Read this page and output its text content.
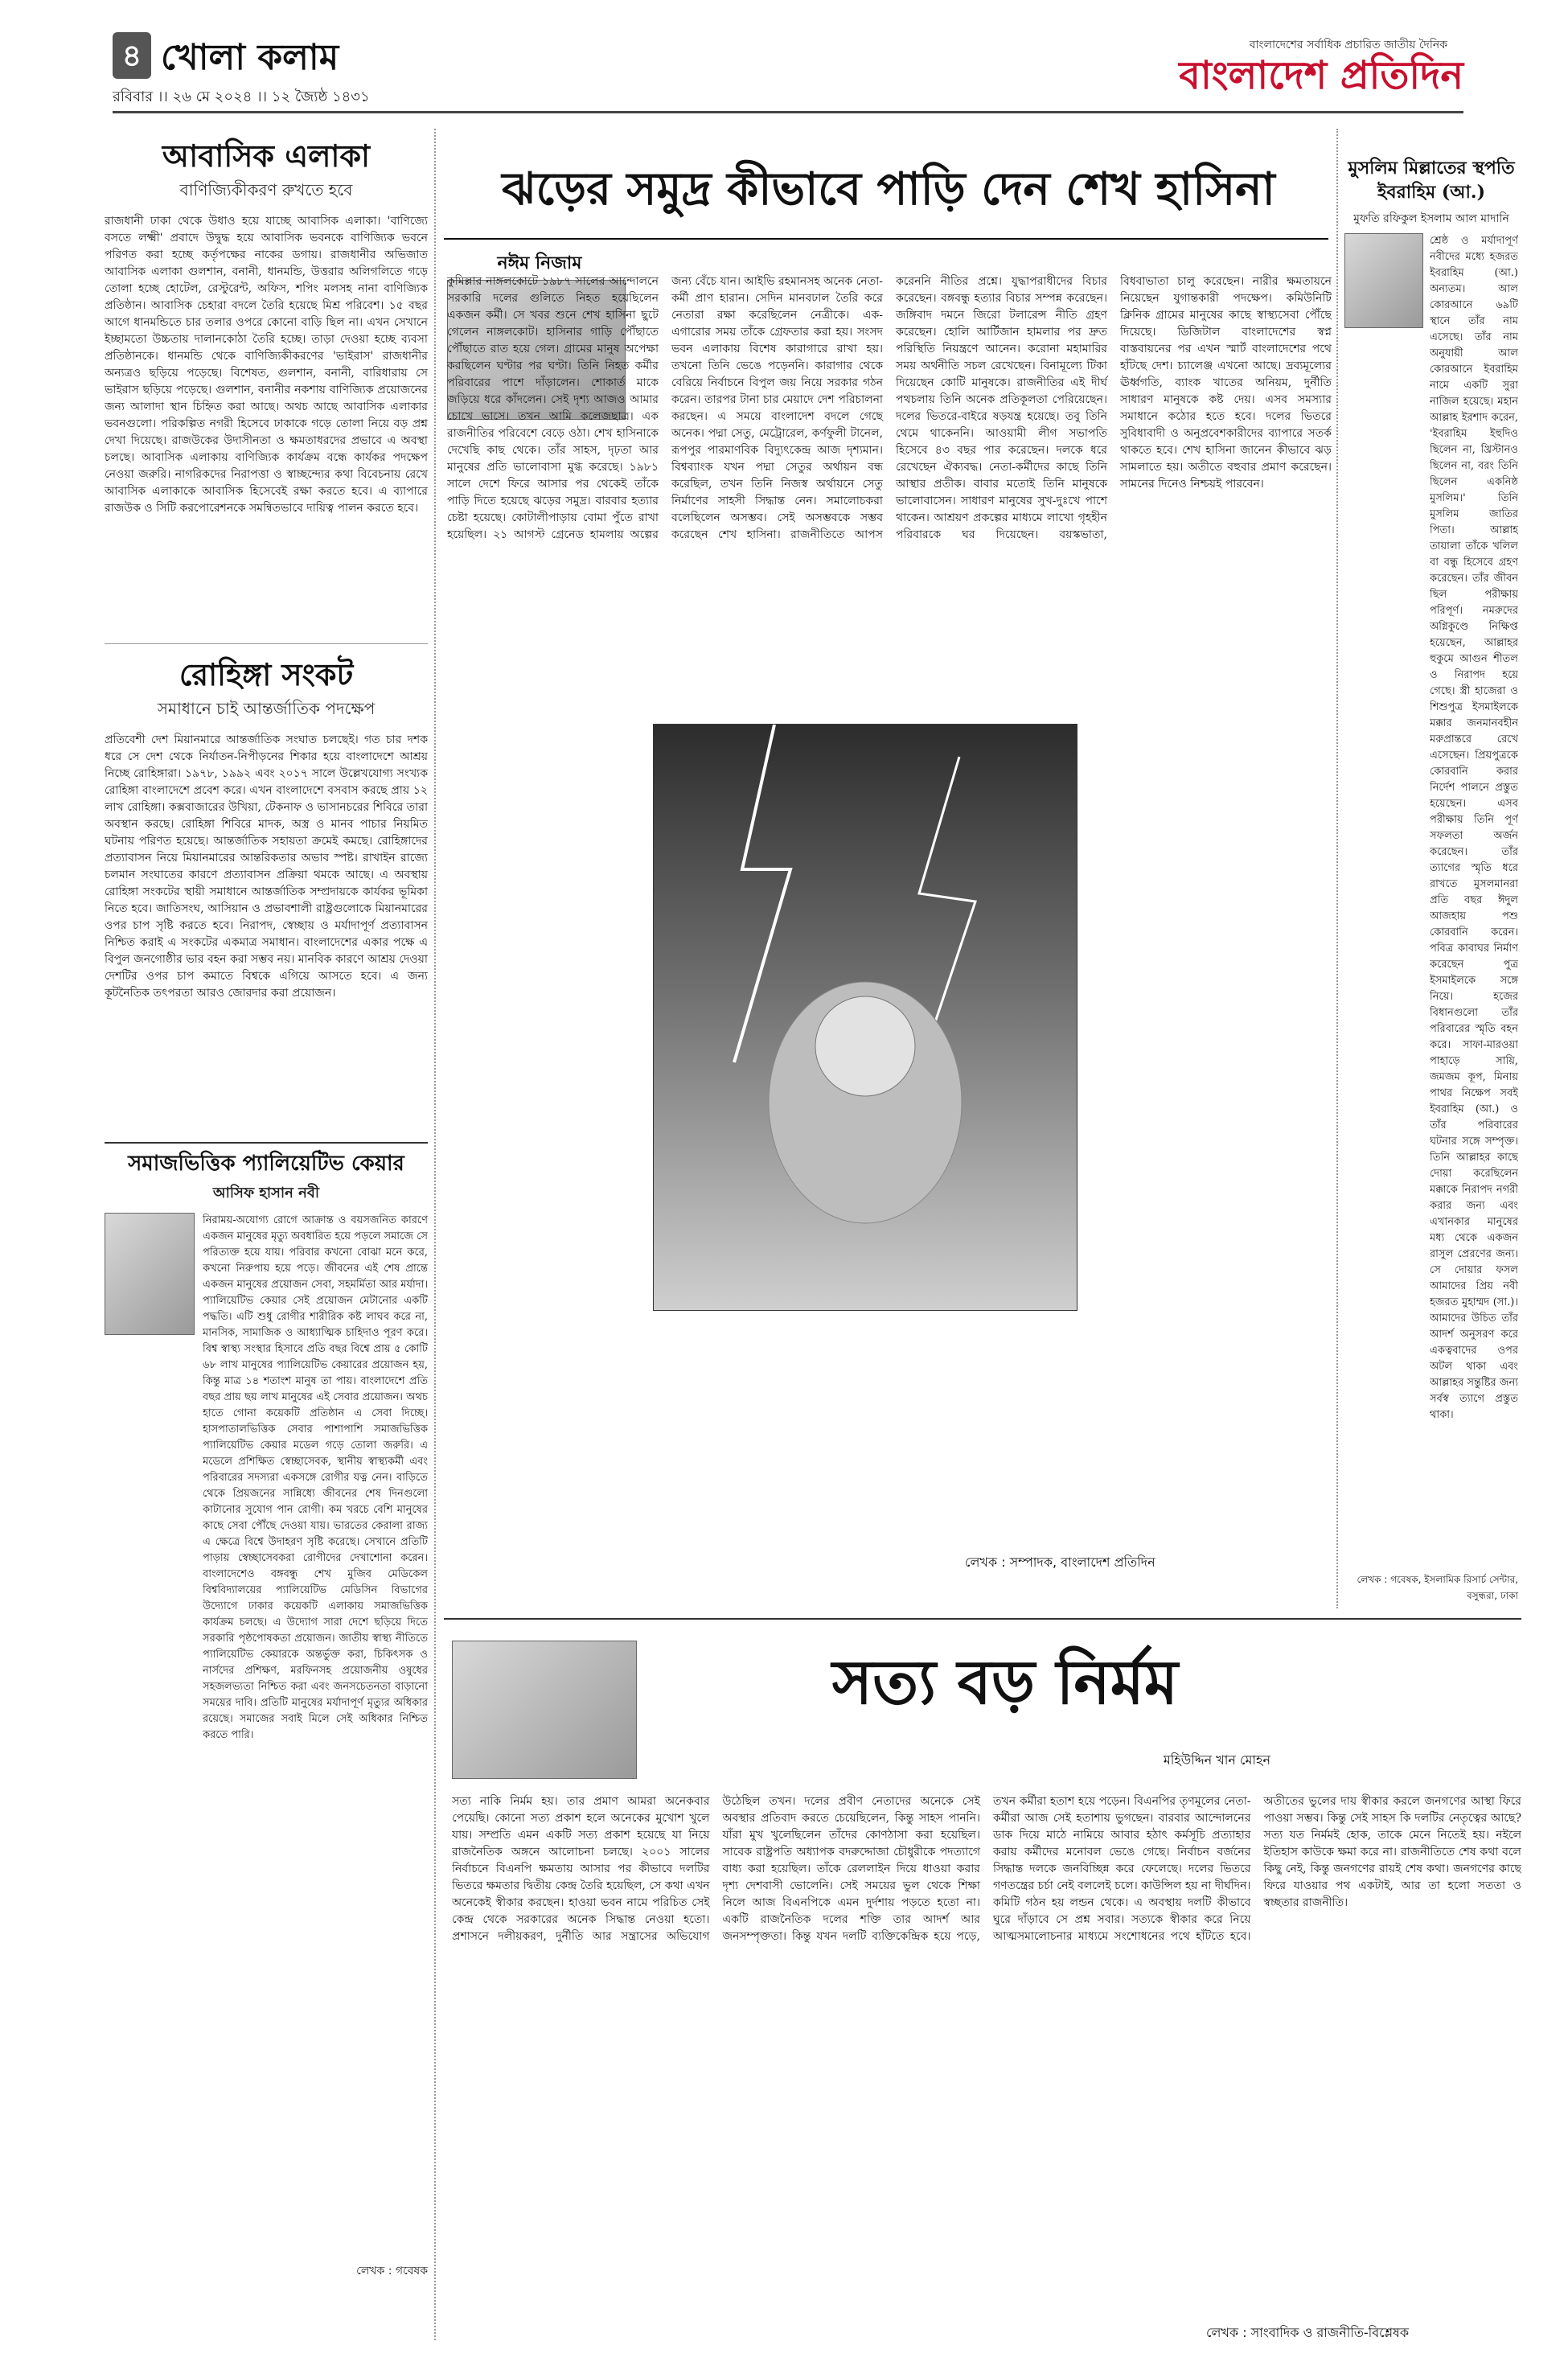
৪ খোলা কলাম
রবিবার ।। ২৬ মে ২০২৪ ।। ১২ জ্যৈষ্ঠ ১৪৩১
বাংলাদেশের সর্বাধিক প্রচারিত জাতীয় দৈনিক
বাংলাদেশ প্রতিদিন
আবাসিক এলাকা
বাণিজ্যিকীকরণ রুখতে হবে
রাজধানী ঢাকা থেকে উধাও হয়ে যাচ্ছে আবাসিক এলাকা। 'বাণিজ্যে বসতে লক্ষ্মী' প্রবাদে উদ্বুদ্ধ হয়ে আবাসিক ভবনকে বাণিজ্যিক ভবনে পরিণত করা হচ্ছে কর্তৃপক্ষের নাকের ডগায়। রাজধানীর অভিজাত আবাসিক এলাকা গুলশান, বনানী, ধানমন্ডি, উত্তরার অলিগলিতে গড়ে তোলা হচ্ছে হোটেল, রেস্টুরেন্ট, অফিস, শপিং মলসহ নানা বাণিজ্যিক প্রতিষ্ঠান। আবাসিক চেহারা বদলে তৈরি হয়েছে মিশ্র পরিবেশ। ১৫ বছর আগে ধানমন্ডিতে চার তলার ওপরে কোনো বাড়ি ছিল না। এখন সেখানে ইচ্ছামতো উচ্চতায় দালানকোঠা তৈরি হচ্ছে। তাড়া দেওয়া হচ্ছে ব্যবসা প্রতিষ্ঠানকে। ধানমন্ডি থেকে বাণিজ্যিকীকরণের 'ভাইরাস' রাজধানীর অন্যত্রও ছড়িয়ে পড়েছে। বিশেষত, গুলশান, বনানী, বারিধারায় সে ভাইরাস ছড়িয়ে পড়েছে। গুলশান, বনানীর নকশায় বাণিজ্যিক প্রয়োজনের জন্য আলাদা স্থান চিহ্নিত করা আছে। অথচ আছে আবাসিক এলাকার ভবনগুলো। পরিকল্পিত নগরী হিসেবে ঢাকাকে গড়ে তোলা নিয়ে বড় প্রশ্ন দেখা দিয়েছে। রাজউকের উদাসীনতা ও ক্ষমতাধরদের প্রভাবে এ অবস্থা চলছে। আবাসিক এলাকায় বাণিজ্যিক কার্যক্রম বন্ধে কার্যকর পদক্ষেপ নেওয়া জরুরি। নাগরিকদের নিরাপত্তা ও স্বাচ্ছন্দ্যের কথা বিবেচনায় রেখে আবাসিক এলাকাকে আবাসিক হিসেবেই রক্ষা করতে হবে। এ ব্যাপারে রাজউক ও সিটি করপোরেশনকে সমন্বিতভাবে দায়িত্ব পালন করতে হবে।
রোহিঙ্গা সংকট
সমাধানে চাই আন্তর্জাতিক পদক্ষেপ
প্রতিবেশী দেশ মিয়ানমারে আন্তর্জাতিক সংঘাত চলছেই। গত চার দশক ধরে সে দেশ থেকে নির্যাতন-নিপীড়নের শিকার হয়ে বাংলাদেশে আশ্রয় নিচ্ছে রোহিঙ্গারা। ১৯৭৮, ১৯৯২ এবং ২০১৭ সালে উল্লেখযোগ্য সংখ্যক রোহিঙ্গা বাংলাদেশে প্রবেশ করে। এখন বাংলাদেশে বসবাস করছে প্রায় ১২ লাখ রোহিঙ্গা। কক্সবাজারের উখিয়া, টেকনাফ ও ভাসানচরের শিবিরে তারা অবস্থান করছে। রোহিঙ্গা শিবিরে মাদক, অস্ত্র ও মানব পাচার নিয়মিত ঘটনায় পরিণত হয়েছে। আন্তর্জাতিক সহায়তা ক্রমেই কমছে। রোহিঙ্গাদের প্রত্যাবাসন নিয়ে মিয়ানমারের আন্তরিকতার অভাব স্পষ্ট। রাখাইন রাজ্যে চলমান সংঘাতের কারণে প্রত্যাবাসন প্রক্রিয়া থমকে আছে। এ অবস্থায় রোহিঙ্গা সংকটের স্থায়ী সমাধানে আন্তর্জাতিক সম্প্রদায়কে কার্যকর ভূমিকা নিতে হবে। জাতিসংঘ, আসিয়ান ও প্রভাবশালী রাষ্ট্রগুলোকে মিয়ানমারের ওপর চাপ সৃষ্টি করতে হবে। নিরাপদ, স্বেচ্ছায় ও মর্যাদাপূর্ণ প্রত্যাবাসন নিশ্চিত করাই এ সংকটের একমাত্র সমাধান। বাংলাদেশের একার পক্ষে এ বিপুল জনগোষ্ঠীর ভার বহন করা সম্ভব নয়। মানবিক কারণে আশ্রয় দেওয়া দেশটির ওপর চাপ কমাতে বিশ্বকে এগিয়ে আসতে হবে। এ জন্য কূটনৈতিক তৎপরতা আরও জোরদার করা প্রয়োজন।
সমাজভিত্তিক প্যালিয়েটিভ কেয়ার
আসিফ হাসান নবী
নিরাময়-অযোগ্য রোগে আক্রান্ত ও বয়সজনিত কারণে একজন মানুষের মৃত্যু অবধারিত হয়ে পড়লে সমাজে সে পরিত্যক্ত হয়ে যায়। পরিবার কখনো বোঝা মনে করে, কখনো নিরুপায় হয়ে পড়ে। জীবনের এই শেষ প্রান্তে একজন মানুষের প্রয়োজন সেবা, সহমর্মিতা আর মর্যাদা। প্যালিয়েটিভ কেয়ার সেই প্রয়োজন মেটানোর একটি পদ্ধতি। এটি শুধু রোগীর শারীরিক কষ্ট লাঘব করে না, মানসিক, সামাজিক ও আধ্যাত্মিক চাহিদাও পূরণ করে। বিশ্ব স্বাস্থ্য সংস্থার হিসাবে প্রতি বছর বিশ্বে প্রায় ৫ কোটি ৬৮ লাখ মানুষের প্যালিয়েটিভ কেয়ারের প্রয়োজন হয়, কিন্তু মাত্র ১৪ শতাংশ মানুষ তা পায়। বাংলাদেশে প্রতি বছর প্রায় ছয় লাখ মানুষের এই সেবার প্রয়োজন। অথচ হাতে গোনা কয়েকটি প্রতিষ্ঠান এ সেবা দিচ্ছে। হাসপাতালভিত্তিক সেবার পাশাপাশি সমাজভিত্তিক প্যালিয়েটিভ কেয়ার মডেল গড়ে তোলা জরুরি। এ মডেলে প্রশিক্ষিত স্বেচ্ছাসেবক, স্থানীয় স্বাস্থ্যকর্মী এবং পরিবারের সদস্যরা একসঙ্গে রোগীর যত্ন নেন। বাড়িতে থেকে প্রিয়জনের সান্নিধ্যে জীবনের শেষ দিনগুলো কাটানোর সুযোগ পান রোগী। কম খরচে বেশি মানুষের কাছে সেবা পৌঁছে দেওয়া যায়। ভারতের কেরালা রাজ্য এ ক্ষেত্রে বিশ্বে উদাহরণ সৃষ্টি করেছে। সেখানে প্রতিটি পাড়ায় স্বেচ্ছাসেবকরা রোগীদের দেখাশোনা করেন। বাংলাদেশেও বঙ্গবন্ধু শেখ মুজিব মেডিকেল বিশ্ববিদ্যালয়ের প্যালিয়েটিভ মেডিসিন বিভাগের উদ্যোগে ঢাকার কয়েকটি এলাকায় সমাজভিত্তিক কার্যক্রম চলছে। এ উদ্যোগ সারা দেশে ছড়িয়ে দিতে সরকারি পৃষ্ঠপোষকতা প্রয়োজন। জাতীয় স্বাস্থ্য নীতিতে প্যালিয়েটিভ কেয়ারকে অন্তর্ভুক্ত করা, চিকিৎসক ও নার্সদের প্রশিক্ষণ, মরফিনসহ প্রয়োজনীয় ওষুধের সহজলভ্যতা নিশ্চিত করা এবং জনসচেতনতা বাড়ানো সময়ের দাবি। প্রতিটি মানুষের মর্যাদাপূর্ণ মৃত্যুর অধিকার রয়েছে। সমাজের সবাই মিলে সেই অধিকার নিশ্চিত করতে পারি।
লেখক : গবেষক
ঝড়ের সমুদ্র কীভাবে পাড়ি দেন শেখ হাসিনা
নঈম নিজাম
কুমিল্লার নাঙ্গলকোটে ১৯৮৭ সালের আন্দোলনে সরকারি দলের গুলিতে নিহত হয়েছিলেন একজন কর্মী। সে খবর শুনে শেখ হাসিনা ছুটে গেলেন নাঙ্গলকোট। হাসিনার গাড়ি পৌঁছাতে পৌঁছাতে রাত হয়ে গেল। গ্রামের মানুষ অপেক্ষা করছিলেন ঘণ্টার পর ঘণ্টা। তিনি নিহত কর্মীর পরিবারের পাশে দাঁড়ালেন। শোকার্ত মাকে জড়িয়ে ধরে কাঁদলেন। সেই দৃশ্য আজও আমার চোখে ভাসে। তখন আমি কলেজছাত্র। এক রাজনীতির পরিবেশে বেড়ে ওঠা। শেখ হাসিনাকে দেখেছি কাছ থেকে। তাঁর সাহস, দৃঢ়তা আর মানুষের প্রতি ভালোবাসা মুগ্ধ করেছে। ১৯৮১ সালে দেশে ফিরে আসার পর থেকেই তাঁকে পাড়ি দিতে হয়েছে ঝড়ের সমুদ্র। বারবার হত্যার চেষ্টা হয়েছে। কোটালীপাড়ায় বোমা পুঁতে রাখা হয়েছিল। ২১ আগস্ট গ্রেনেড হামলায় অল্পের জন্য বেঁচে যান। আইভি রহমানসহ অনেক নেতা-কর্মী প্রাণ হারান। সেদিন মানবঢাল তৈরি করে নেতারা রক্ষা করেছিলেন নেত্রীকে। এক-এগারোর সময় তাঁকে গ্রেফতার করা হয়। সংসদ ভবন এলাকায় বিশেষ কারাগারে রাখা হয়। তখনো তিনি ভেঙে পড়েননি। কারাগার থেকে বেরিয়ে নির্বাচনে বিপুল জয় নিয়ে সরকার গঠন করেন। তারপর টানা চার মেয়াদে দেশ পরিচালনা করছেন। এ সময়ে বাংলাদেশ বদলে গেছে অনেক। পদ্মা সেতু, মেট্রোরেল, কর্ণফুলী টানেল, রূপপুর পারমাণবিক বিদ্যুৎকেন্দ্র আজ দৃশ্যমান। বিশ্বব্যাংক যখন পদ্মা সেতুর অর্থায়ন বন্ধ করেছিল, তখন তিনি নিজস্ব অর্থায়নে সেতু নির্মাণের সাহসী সিদ্ধান্ত নেন। সমালোচকরা বলেছিলেন অসম্ভব। সেই অসম্ভবকে সম্ভব করেছেন শেখ হাসিনা। রাজনীতিতে আপস করেননি নীতির প্রশ্নে। যুদ্ধাপরাধীদের বিচার করেছেন। বঙ্গবন্ধু হত্যার বিচার সম্পন্ন করেছেন। জঙ্গিবাদ দমনে জিরো টলারেন্স নীতি গ্রহণ করেছেন। হোলি আর্টিজান হামলার পর দ্রুত পরিস্থিতি নিয়ন্ত্রণে আনেন। করোনা মহামারির সময় অর্থনীতি সচল রেখেছেন। বিনামূল্যে টিকা দিয়েছেন কোটি মানুষকে। রাজনীতির এই দীর্ঘ পথচলায় তিনি অনেক প্রতিকূলতা পেরিয়েছেন। দলের ভিতরে-বাইরে ষড়যন্ত্র হয়েছে। তবু তিনি থেমে থাকেননি। আওয়ামী লীগ সভাপতি হিসেবে ৪৩ বছর পার করেছেন। দলকে ধরে রেখেছেন ঐক্যবদ্ধ। নেতা-কর্মীদের কাছে তিনি আস্থার প্রতীক। বাবার মতোই তিনি মানুষকে ভালোবাসেন। সাধারণ মানুষের সুখ-দুঃখে পাশে থাকেন। আশ্রয়ণ প্রকল্পের মাধ্যমে লাখো গৃহহীন পরিবারকে ঘর দিয়েছেন। বয়স্কভাতা, বিধবাভাতা চালু করেছেন। নারীর ক্ষমতায়নে নিয়েছেন যুগান্তকারী পদক্ষেপ। কমিউনিটি ক্লিনিক গ্রামের মানুষের কাছে স্বাস্থ্যসেবা পৌঁছে দিয়েছে। ডিজিটাল বাংলাদেশের স্বপ্ন বাস্তবায়নের পর এখন স্মার্ট বাংলাদেশের পথে হাঁটছে দেশ। চ্যালেঞ্জ এখনো আছে। দ্রব্যমূল্যের ঊর্ধ্বগতি, ব্যাংক খাতের অনিয়ম, দুর্নীতি সাধারণ মানুষকে কষ্ট দেয়। এসব সমস্যার সমাধানে কঠোর হতে হবে। দলের ভিতরে সুবিধাবাদী ও অনুপ্রবেশকারীদের ব্যাপারে সতর্ক থাকতে হবে। শেখ হাসিনা জানেন কীভাবে ঝড় সামলাতে হয়। অতীতে বহুবার প্রমাণ করেছেন। সামনের দিনেও নিশ্চয়ই পারবেন।
লেখক : সম্পাদক, বাংলাদেশ প্রতিদিন
মুসলিম মিল্লাতের স্থপতি ইবরাহিম (আ.)
মুফতি রফিকুল ইসলাম আল মাদানি
শ্রেষ্ঠ ও মর্যাদাপূর্ণ নবীদের মধ্যে হজরত ইবরাহিম (আ.) অন্যতম। আল কোরআনে ৬৯টি স্থানে তাঁর নাম এসেছে। তাঁর নাম অনুযায়ী আল কোরআনে ইবরাহিম নামে একটি সুরা নাজিল হয়েছে। মহান আল্লাহ ইরশাদ করেন, 'ইবরাহিম ইহুদিও ছিলেন না, খ্রিস্টানও ছিলেন না, বরং তিনি ছিলেন একনিষ্ঠ মুসলিম।' তিনি মুসলিম জাতির পিতা। আল্লাহ তায়ালা তাঁকে খলিল বা বন্ধু হিসেবে গ্রহণ করেছেন। তাঁর জীবন ছিল পরীক্ষায় পরিপূর্ণ। নমরুদের অগ্নিকুণ্ডে নিক্ষিপ্ত হয়েছেন, আল্লাহর হুকুমে আগুন শীতল ও নিরাপদ হয়ে গেছে। স্ত্রী হাজেরা ও শিশুপুত্র ইসমাইলকে মক্কার জনমানবহীন মরুপ্রান্তরে রেখে এসেছেন। প্রিয়পুত্রকে কোরবানি করার নির্দেশ পালনে প্রস্তুত হয়েছেন। এসব পরীক্ষায় তিনি পূর্ণ সফলতা অর্জন করেছেন। তাঁর ত্যাগের স্মৃতি ধরে রাখতে মুসলমানরা প্রতি বছর ঈদুল আজহায় পশু কোরবানি করেন। পবিত্র কাবাঘর নির্মাণ করেছেন পুত্র ইসমাইলকে সঙ্গে নিয়ে। হজের বিধানগুলো তাঁর পরিবারের স্মৃতি বহন করে। সাফা-মারওয়া পাহাড়ে সায়ি, জমজম কূপ, মিনায় পাথর নিক্ষেপ সবই ইবরাহিম (আ.) ও তাঁর পরিবারের ঘটনার সঙ্গে সম্পৃক্ত। তিনি আল্লাহর কাছে দোয়া করেছিলেন মক্কাকে নিরাপদ নগরী করার জন্য এবং এখানকার মানুষের মধ্য থেকে একজন রাসুল প্রেরণের জন্য। সে দোয়ার ফসল আমাদের প্রিয় নবী হজরত মুহাম্মদ (সা.)। আমাদের উচিত তাঁর আদর্শ অনুসরণ করে একত্ববাদের ওপর অটল থাকা এবং আল্লাহর সন্তুষ্টির জন্য সর্বস্ব ত্যাগে প্রস্তুত থাকা।
লেখক : গবেষক, ইসলামিক রিসার্চ সেন্টার, বসুন্ধরা, ঢাকা
সত্য বড় নির্মম
মহিউদ্দিন খান মোহন
সত্য নাকি নির্মম হয়। তার প্রমাণ আমরা অনেকবার পেয়েছি। কোনো সত্য প্রকাশ হলে অনেকের মুখোশ খুলে যায়। সম্প্রতি এমন একটি সত্য প্রকাশ হয়েছে যা নিয়ে রাজনৈতিক অঙ্গনে আলোচনা চলছে। ২০০১ সালের নির্বাচনে বিএনপি ক্ষমতায় আসার পর কীভাবে দলটির ভিতরে ক্ষমতার দ্বিতীয় কেন্দ্র তৈরি হয়েছিল, সে কথা এখন অনেকেই স্বীকার করছেন। হাওয়া ভবন নামে পরিচিত সেই কেন্দ্র থেকে সরকারের অনেক সিদ্ধান্ত নেওয়া হতো। প্রশাসনে দলীয়করণ, দুর্নীতি আর সন্ত্রাসের অভিযোগ উঠেছিল তখন। দলের প্রবীণ নেতাদের অনেকে সেই অবস্থার প্রতিবাদ করতে চেয়েছিলেন, কিন্তু সাহস পাননি। যাঁরা মুখ খুলেছিলেন তাঁদের কোণঠাসা করা হয়েছিল। সাবেক রাষ্ট্রপতি অধ্যাপক বদরুদ্দোজা চৌধুরীকে পদত্যাগে বাধ্য করা হয়েছিল। তাঁকে রেললাইন দিয়ে ধাওয়া করার দৃশ্য দেশবাসী ভোলেনি। সেই সময়ের ভুল থেকে শিক্ষা নিলে আজ বিএনপিকে এমন দুর্দশায় পড়তে হতো না। একটি রাজনৈতিক দলের শক্তি তার আদর্শ আর জনসম্পৃক্ততা। কিন্তু যখন দলটি ব্যক্তিকেন্দ্রিক হয়ে পড়ে, তখন কর্মীরা হতাশ হয়ে পড়েন। বিএনপির তৃণমূলের নেতা-কর্মীরা আজ সেই হতাশায় ভুগছেন। বারবার আন্দোলনের ডাক দিয়ে মাঠে নামিয়ে আবার হঠাৎ কর্মসূচি প্রত্যাহার করায় কর্মীদের মনোবল ভেঙে গেছে। নির্বাচন বর্জনের সিদ্ধান্ত দলকে জনবিচ্ছিন্ন করে ফেলেছে। দলের ভিতরে গণতন্ত্রের চর্চা নেই বললেই চলে। কাউন্সিল হয় না দীর্ঘদিন। কমিটি গঠন হয় লন্ডন থেকে। এ অবস্থায় দলটি কীভাবে ঘুরে দাঁড়াবে সে প্রশ্ন সবার। সত্যকে স্বীকার করে নিয়ে আত্মসমালোচনার মাধ্যমে সংশোধনের পথে হাঁটতে হবে। অতীতের ভুলের দায় স্বীকার করলে জনগণের আস্থা ফিরে পাওয়া সম্ভব। কিন্তু সেই সাহস কি দলটির নেতৃত্বের আছে? সত্য যত নির্মমই হোক, তাকে মেনে নিতেই হয়। নইলে ইতিহাস কাউকে ক্ষমা করে না। রাজনীতিতে শেষ কথা বলে কিছু নেই, কিন্তু জনগণের রায়ই শেষ কথা। জনগণের কাছে ফিরে যাওয়ার পথ একটাই, আর তা হলো সততা ও স্বচ্ছতার রাজনীতি।
লেখক : সাংবাদিক ও রাজনীতি-বিশ্লেষক
